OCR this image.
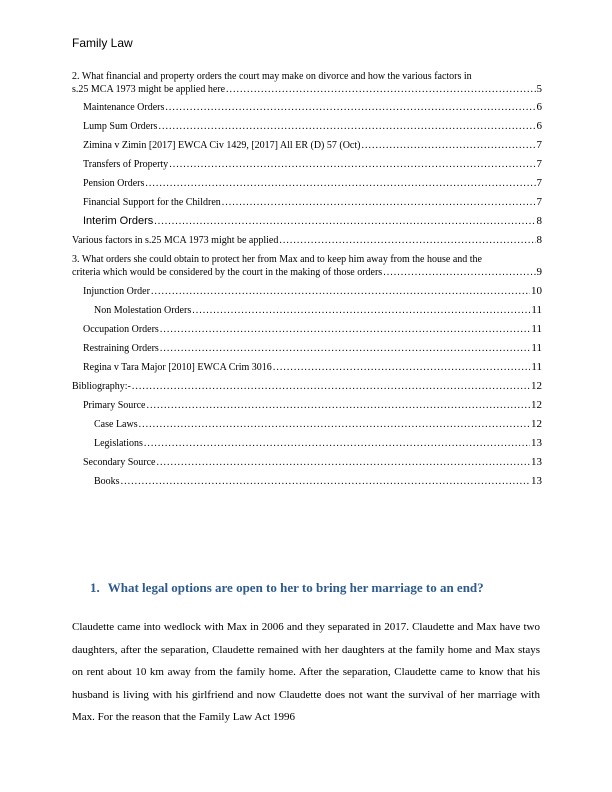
Family Law
2. What financial and property orders the court may make on divorce and how the various factors in
s.25 MCA 1973 might be applied here .....	5
Maintenance Orders .....	6
Lump Sum Orders .....	6
Zimina v Zimin [2017] EWCA Civ 1429, [2017] All ER (D) 57 (Oct) .....	7
Transfers of Property .....	7
Pension Orders .....	7
Financial Support for the Children .....	7
Interim Orders .....	8
Various factors in s.25 MCA 1973 might be applied .....	8
3. What orders she could obtain to protect her from Max and to keep him away from the house and the
criteria which would be considered by the court in the making of those orders .....	9
Injunction Order .....	10
Non Molestation Orders .....	11
Occupation Orders .....	11
Restraining Orders .....	11
Regina v Tara Major [2010] EWCA Crim 3016 .....	11
Bibliography:- .....	12
Primary Source .....	12
Case Laws .....	12
Legislations .....	13
Secondary Source .....	13
Books .....	13
1. What legal options are open to her to bring her marriage to an end?
Claudette came into wedlock with Max in 2006 and they separated in 2017. Claudette and Max have two daughters, after the separation, Claudette remained with her daughters at the family home and Max stays on rent about 10 km away from the family home. After the separation, Claudette came to know that his husband is living with his girlfriend and now Claudette does not want the survival of her marriage with Max. For the reason that the Family Law Act 1996
